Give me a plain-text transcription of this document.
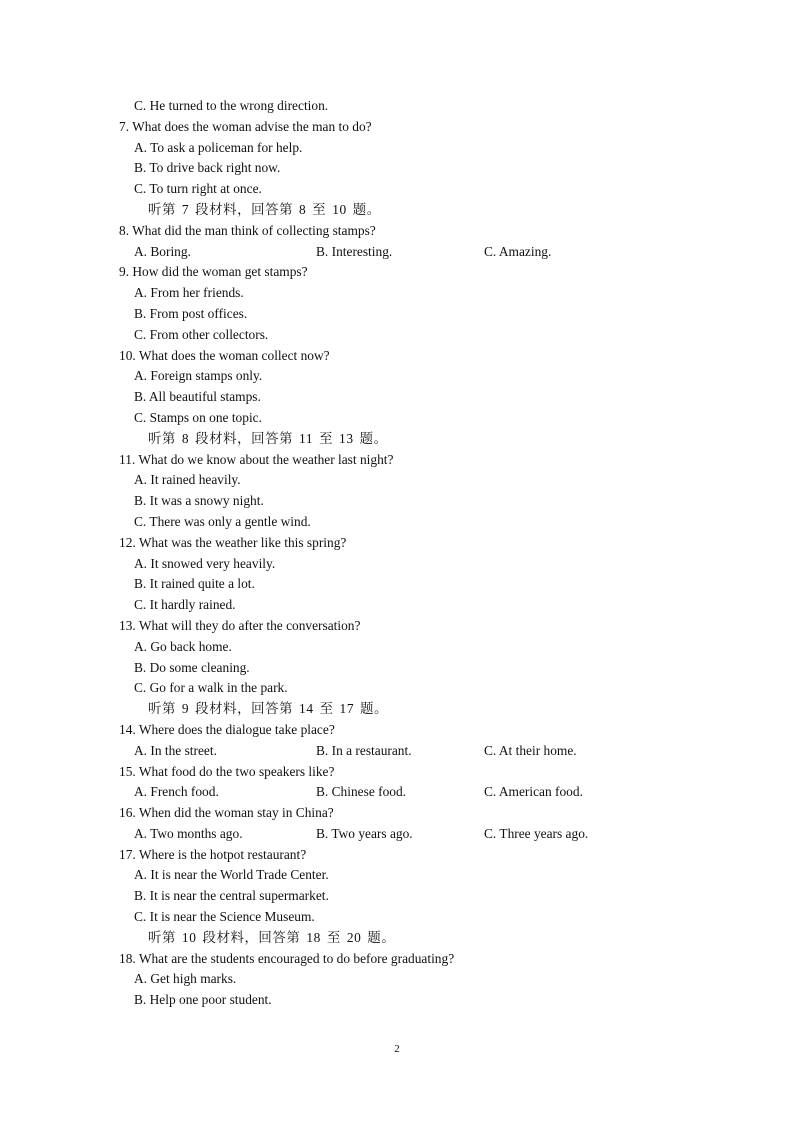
C. He turned to the wrong direction.
7. What does the woman advise the man to do?
A. To ask a policeman for help.
B. To drive back right now.
C. To turn right at once.
听第 7 段材料，回答第 8 至 10 题。
8. What did the man think of collecting stamps?
A. Boring.	B. Interesting.	C. Amazing.
9. How did the woman get stamps?
A. From her friends.
B. From post offices.
C. From other collectors.
10. What does the woman collect now?
A. Foreign stamps only.
B. All beautiful stamps.
C. Stamps on one topic.
听第 8 段材料，回答第 11 至 13 题。
11. What do we know about the weather last night?
A. It rained heavily.
B. It was a snowy night.
C. There was only a gentle wind.
12. What was the weather like this spring?
A. It snowed very heavily.
B. It rained quite a lot.
C. It hardly rained.
13. What will they do after the conversation?
A. Go back home.
B. Do some cleaning.
C. Go for a walk in the park.
听第 9 段材料，回答第 14 至 17 题。
14. Where does the dialogue take place?
A. In the street.	B. In a restaurant.	C. At their home.
15. What food do the two speakers like?
A. French food.	B. Chinese food.	C. American food.
16. When did the woman stay in China?
A. Two months ago.	B. Two years ago.	C. Three years ago.
17. Where is the hotpot restaurant?
A. It is near the World Trade Center.
B. It is near the central supermarket.
C. It is near the Science Museum.
听第 10 段材料，回答第 18 至 20 题。
18. What are the students encouraged to do before graduating?
A. Get high marks.
B. Help one poor student.
2
